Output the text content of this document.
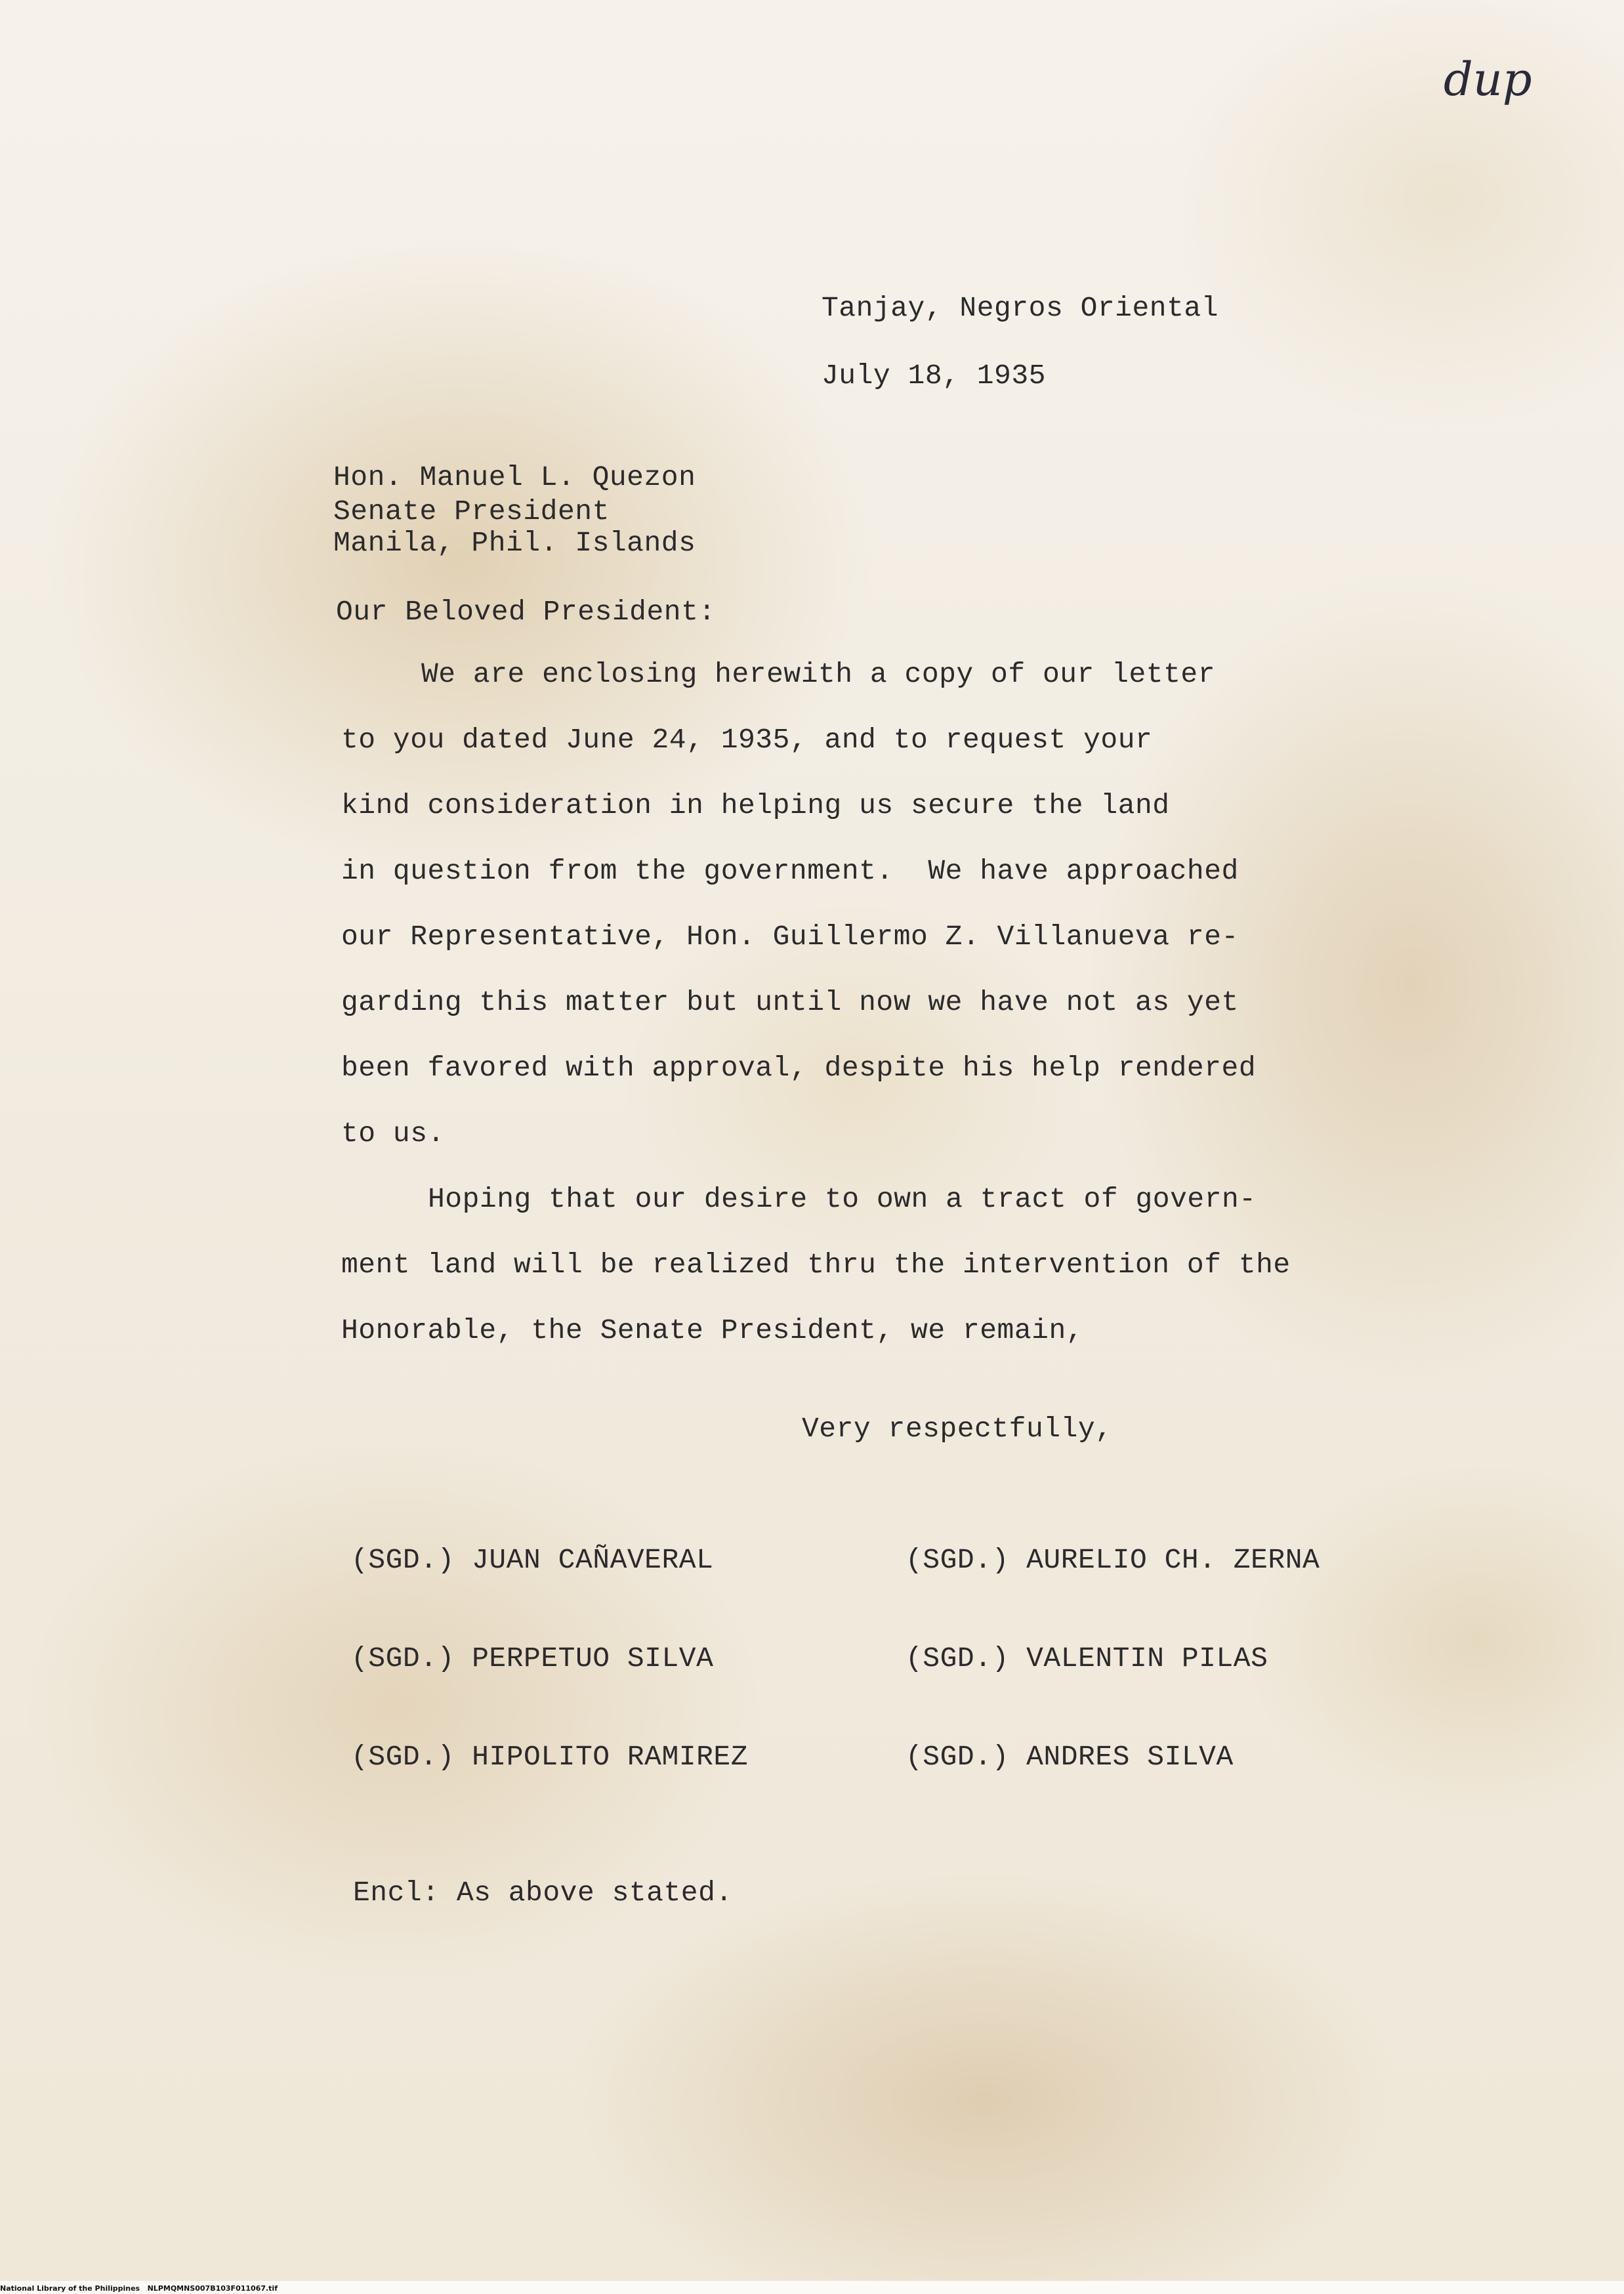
dup
Tanjay, Negros Oriental
July 18, 1935
Hon. Manuel L. Quezon
Senate President
Manila, Phil. Islands
Our Beloved President:
We are enclosing herewith a copy of our letter
to you dated June 24, 1935, and to request your
kind consideration in helping us secure the land
in question from the government.  We have approached
our Representative, Hon. Guillermo Z. Villanueva re-
garding this matter but until now we have not as yet
been favored with approval, despite his help rendered
to us.
Hoping that our desire to own a tract of govern-
ment land will be realized thru the intervention of the
Honorable, the Senate President, we remain,
Very respectfully,
(SGD.) JUAN CAÑAVERAL	(SGD.) AURELIO CH. ZERNA
(SGD.) PERPETUO SILVA	(SGD.) VALENTIN PILAS
(SGD.) HIPOLITO RAMIREZ	(SGD.) ANDRES SILVA
Encl: As above stated.
National Library of the Philippines   NLPMQMNS007B103F011067.tif
